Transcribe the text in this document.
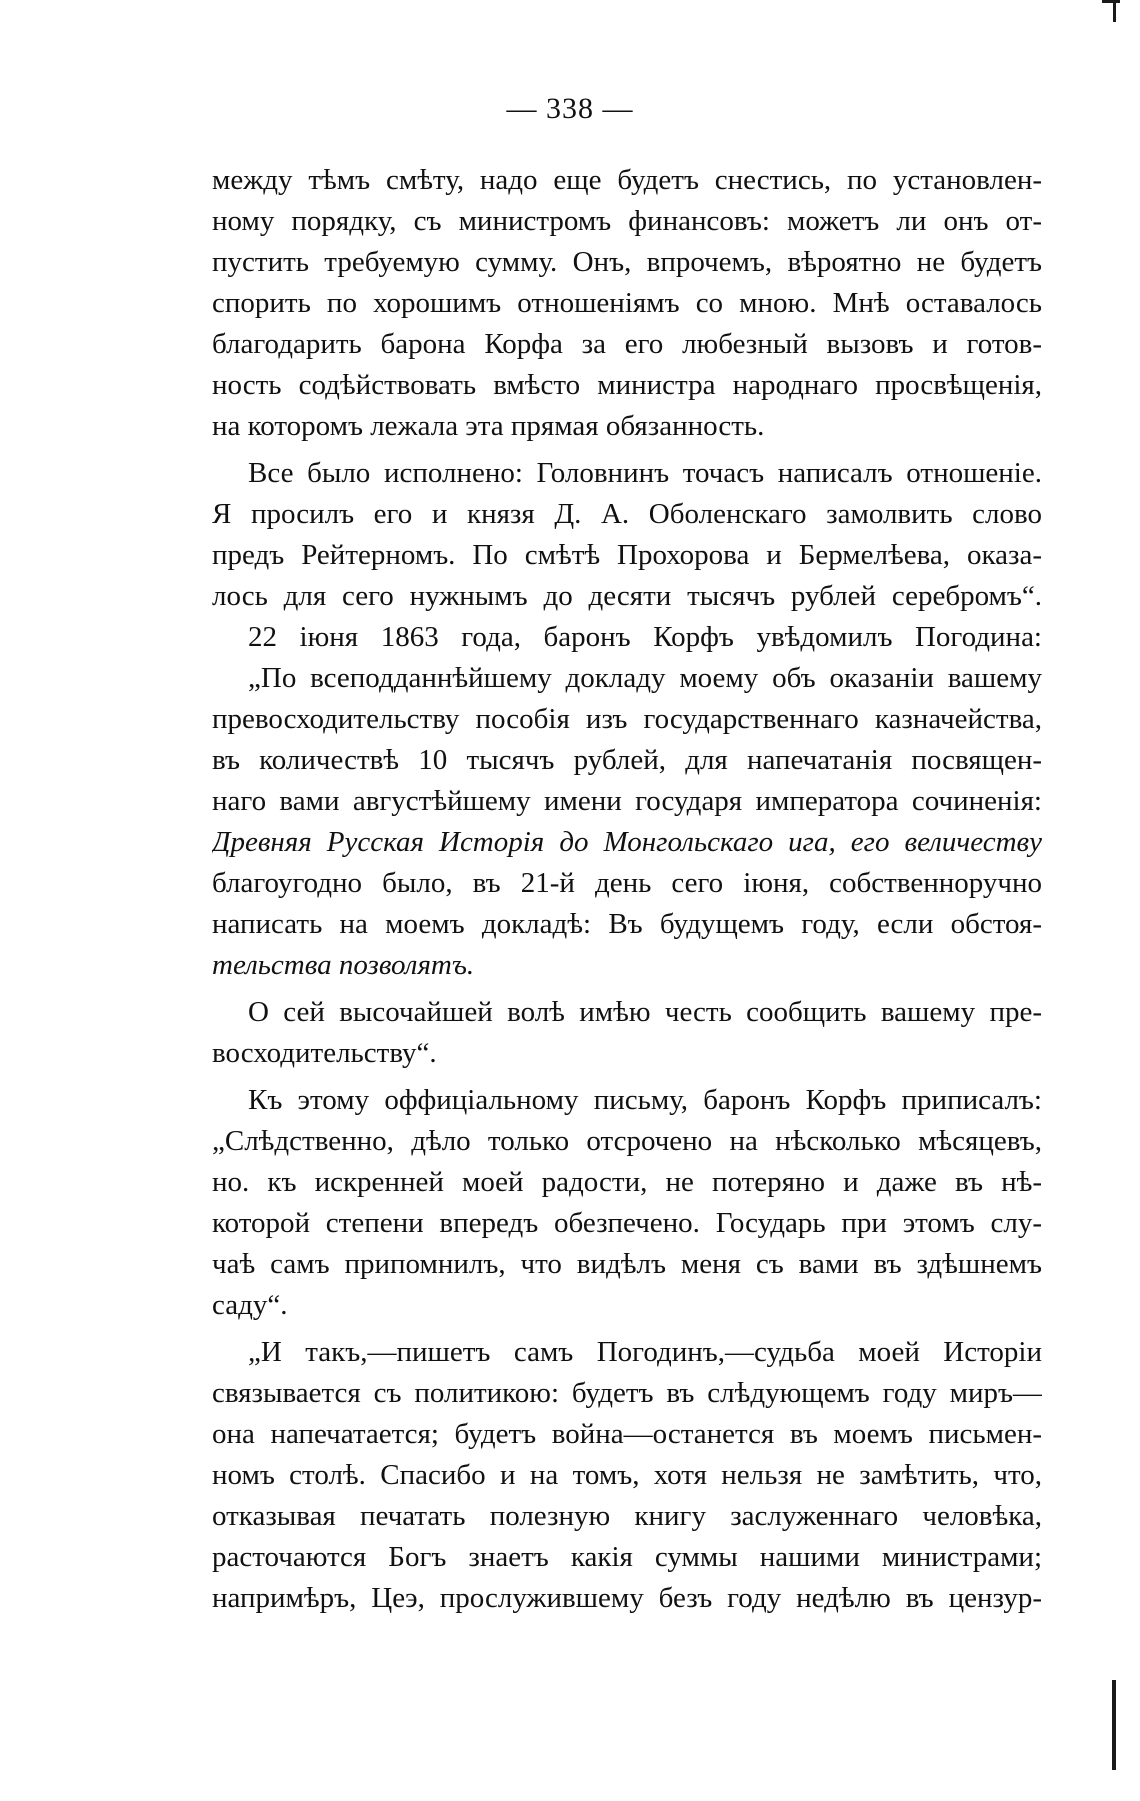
— 338 —
между тѣмъ смѣту, надо еще будетъ снестись, по установлен-
ному порядку, съ министромъ финансовъ: можетъ ли онъ от-
пустить требуемую сумму. Онъ, впрочемъ, вѣроятно не будетъ
спорить по хорошимъ отношеніямъ со мною. Мнѣ оставалось
благодарить барона Корфа за его любезный вызовъ и готов-
ность содѣйствовать вмѣсто министра народнаго просвѣщенія,
на которомъ лежала эта прямая обязанность.
Все было исполнено: Головнинъ точасъ написалъ отношеніе.
Я просилъ его и князя Д. А. Оболенскаго замолвить слово
предъ Рейтерномъ. По смѣтѣ Прохорова и Бермелѣева, оказа-
лось для сего нужнымъ до десяти тысячъ рублей серебромъ“.
22 іюня 1863 года, баронъ Корфъ увѣдомилъ Погодина:
„По всеподданнѣйшему докладу моему объ оказаніи вашему
превосходительству пособія изъ государственнаго казначейства,
въ количествѣ 10 тысячъ рублей, для напечатанія посвящен-
наго вами августѣйшему имени государя императора сочиненія:
Древняя Русская Исторія до Монгольскаго ига, его величеству
благоугодно было, въ 21-й день сего іюня, собственноручно
написать на моемъ докладѣ: Въ будущемъ году, если обстоя-
тельства позволятъ.
О сей высочайшей волѣ имѣю честь сообщить вашему пре-
восходительству“.
Къ этому оффиціальному письму, баронъ Корфъ приписалъ:
„Слѣдственно, дѣло только отсрочено на нѣсколько мѣсяцевъ,
но. къ искренней моей радости, не потеряно и даже въ нѣ-
которой степени впередъ обезпечено. Государь при этомъ слу-
чаѣ самъ припомнилъ, что видѣлъ меня съ вами въ здѣшнемъ
саду“.
„И такъ,—пишетъ самъ Погодинъ,—судьба моей Исторіи
связывается съ политикою: будетъ въ слѣдующемъ году миръ—
она напечатается; будетъ война—останется въ моемъ письмен-
номъ столѣ. Спасибо и на томъ, хотя нельзя не замѣтить, что,
отказывая печатать полезную книгу заслуженнаго человѣка,
расточаются Богъ знаетъ какія суммы нашими министрами;
напримѣръ, Цеэ, прослужившему безъ году недѣлю въ цензур-
